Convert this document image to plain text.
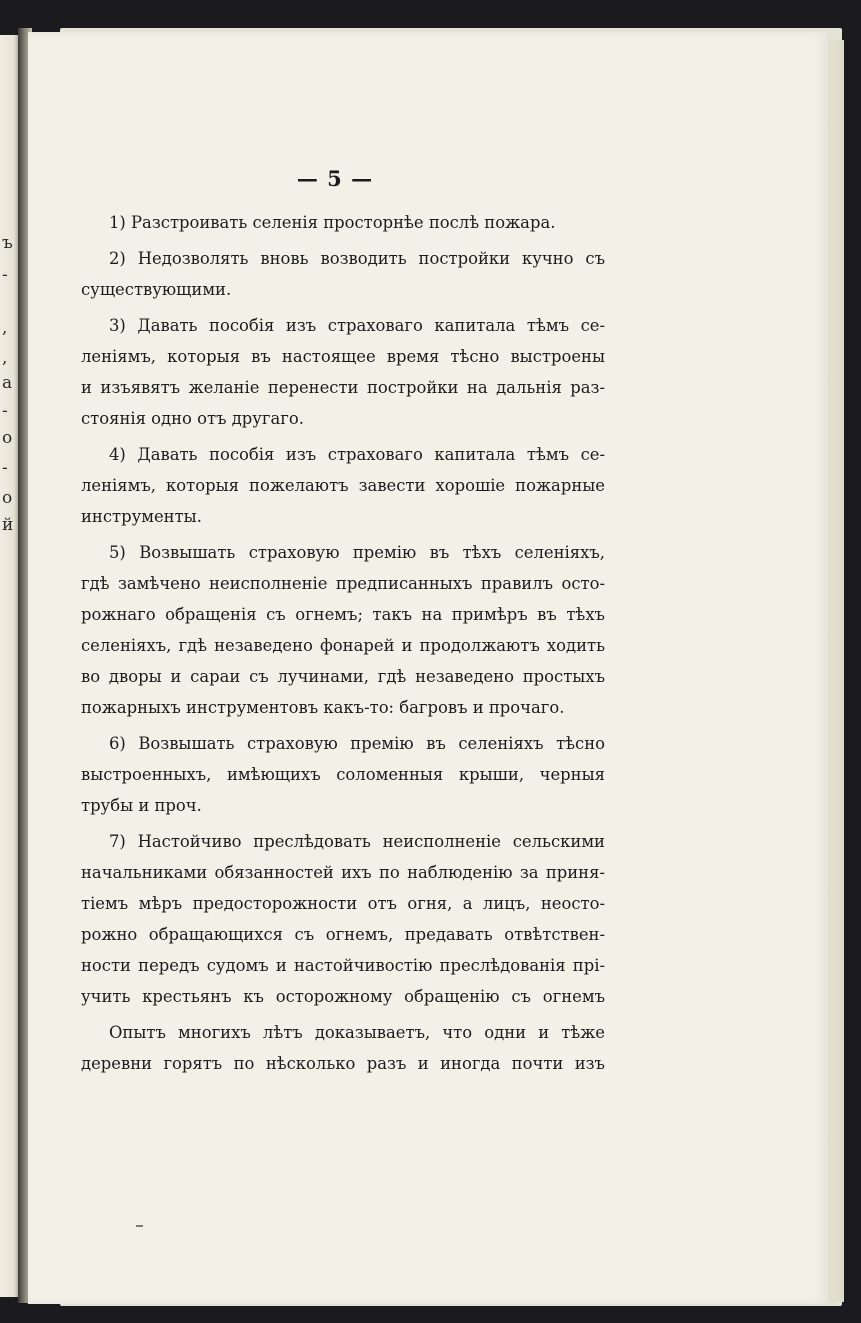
ъ
-
,
,
а
-
о
-
о
й
— 5 —
1) Разстроивать селенія просторнѣе послѣ пожара.
2) Недозволять вновь возводить постройки кучно съ
существующими.
3) Давать пособія изъ страховаго капитала тѣмъ се-
леніямъ, которыя въ настоящее время тѣсно выстроены
и изъявятъ желаніе перенести постройки на дальнія раз-
стоянія одно отъ другаго.
4) Давать пособія изъ страховаго капитала тѣмъ се-
леніямъ, которыя пожелаютъ завести хорошіе пожарные
инструменты.
5) Возвышать страховую премію въ тѣхъ селеніяхъ,
гдѣ замѣчено неисполненіе предписанныхъ правилъ осто-
рожнаго обращенія съ огнемъ; такъ на примѣръ въ тѣхъ
селеніяхъ, гдѣ незаведено фонарей и продолжаютъ ходить
во дворы и сараи съ лучинами, гдѣ незаведено простыхъ
пожарныхъ инструментовъ какъ-то: багровъ и прочаго.
6) Возвышать страховую премію въ селеніяхъ тѣсно
выстроенныхъ, имѣющихъ соломенныя крыши, черныя
трубы и проч.
7) Настойчиво преслѣдовать неисполненіе сельскими
начальниками обязанностей ихъ по наблюденію за приня-
тіемъ мѣръ предосторожности отъ огня, а лицъ, неосто-
рожно обращающихся съ огнемъ, предавать отвѣтствен-
ности передъ судомъ и настойчивостію преслѣдованія прі-
учить крестьянъ къ осторожному обращенію съ огнемъ
Опытъ многихъ лѣтъ доказываетъ, что одни и тѣже
деревни горятъ по нѣсколько разъ и иногда почти изъ
